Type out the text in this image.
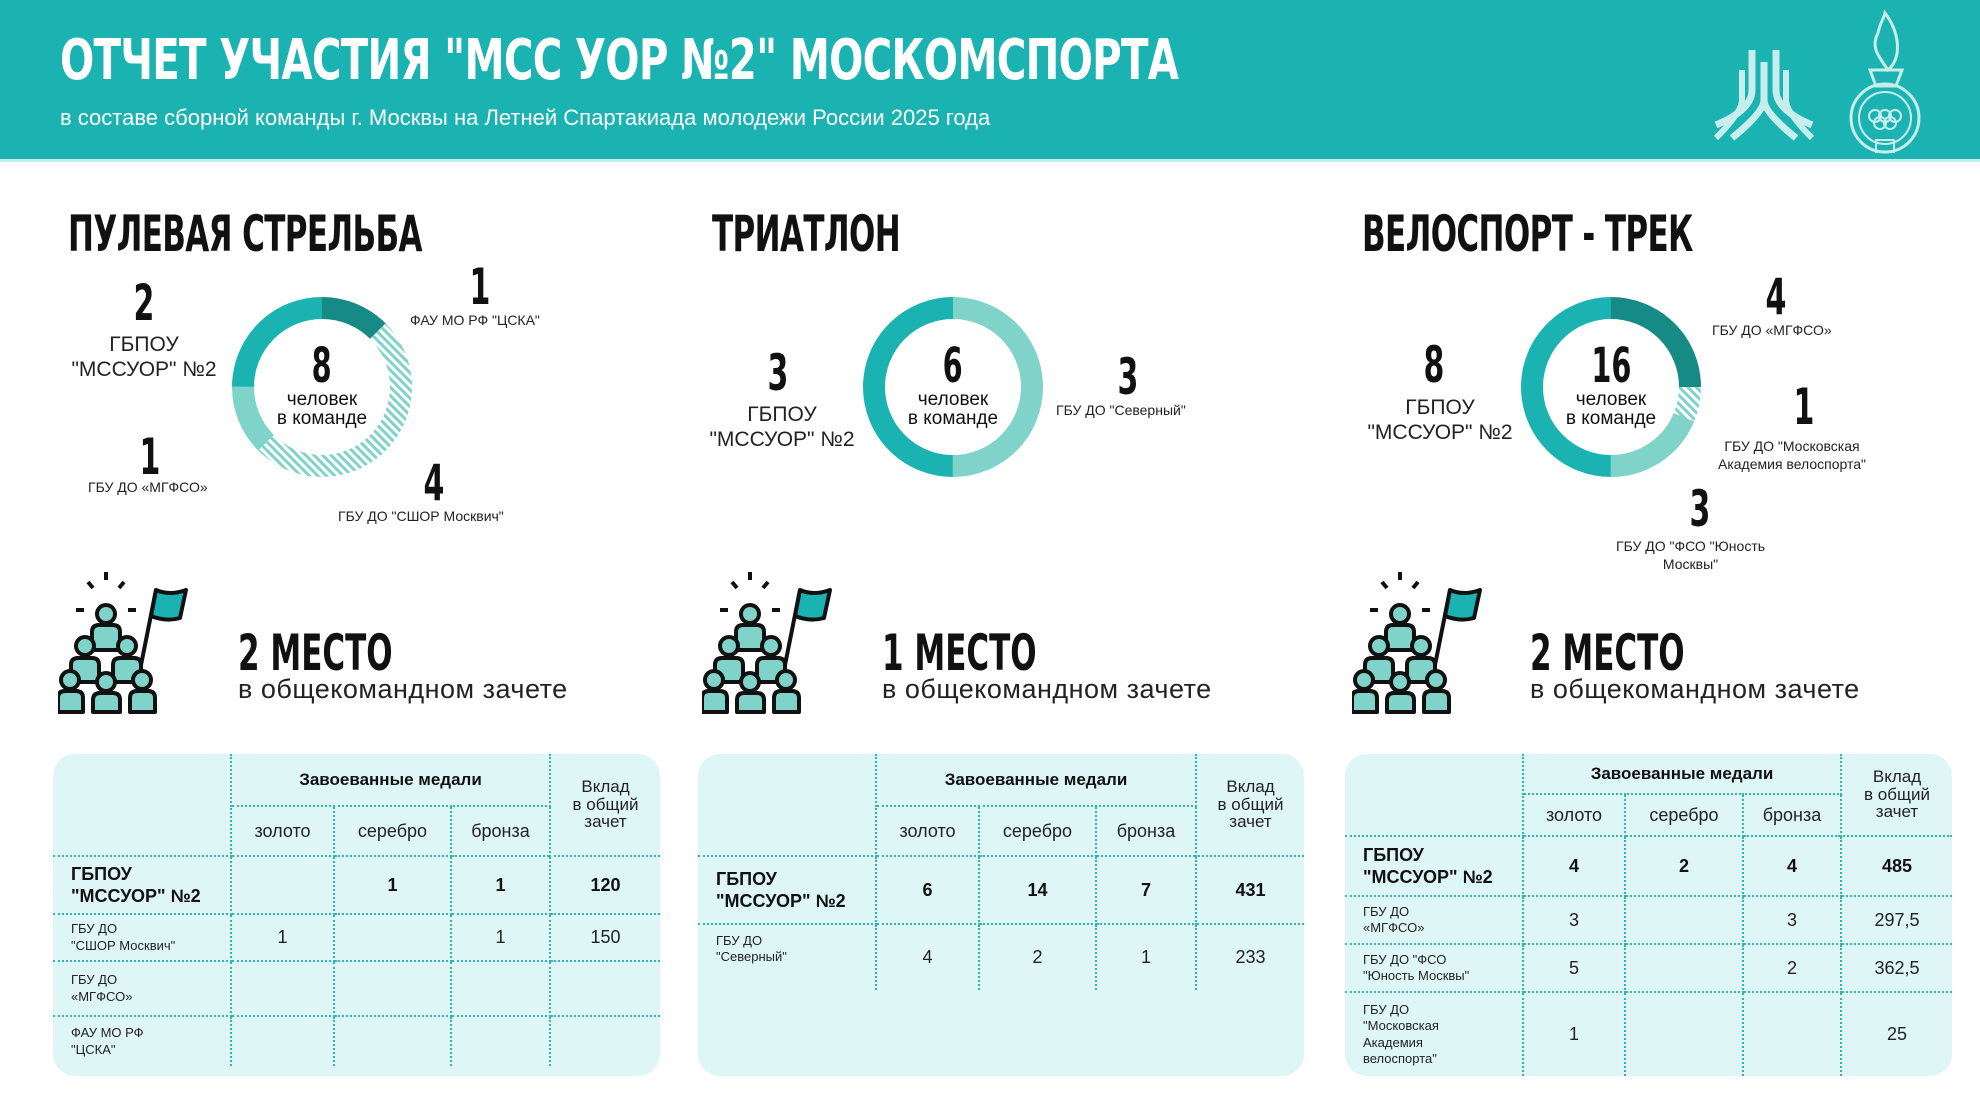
ОТЧЕТ УЧАСТИЯ "МСС УОР №2" МОСКОМСПОРТА
в составе сборной команды г. Москвы на Летней Спартакиада молодежи России 2025 года
ПУЛЕВАЯ СТРЕЛЬБА
2
ГБПОУ
"МССУОР" №2
1
ФАУ МО РФ "ЦСКА"
1
ГБУ ДО «МГФСО»	4
ГБУ ДО "СШОР Москвич"
8
человек
в команде
2 МЕСТО
в общекомандном зачете
	Завоеванные медали			Вклад
в общий
зачет

	золото	серебро	бронза	

ГБПОУ
"МССУОР" №2		1	1	120

ГБУ ДО
"СШОР Москвич"	1		1	150

ГБУ ДО
«МГФСО»				

ФАУ МО РФ
"ЦСКА"				

ТРИАТЛОН
3
ГБПОУ
"МССУОР" №2
3
ГБУ ДО "Северный"
6
человек
в команде
1 МЕСТО
в общекомандном зачете
	Завоеванные медали			Вклад
в общий
зачет

	золото	серебро	бронза	

ГБПОУ
"МССУОР" №2	6	14	7	431

ГБУ ДО
"Северный"	4	2	1	233
ВЕЛОСПОРТ - ТРЕК
8
ГБПОУ
"МССУОР" №2
4
ГБУ ДО «МГФСО»
1
ГБУ ДО "Московская
Академия велоспорта"
3
ГБУ ДО "ФСО "Юность
Москвы"
16
человек
в команде
2 МЕСТО
в общекомандном зачете
	Завоеванные медали			Вклад
в общий
зачет

	золото	серебро	бронза	

ГБПОУ
"МССУОР" №2	4	2	4	485

ГБУ ДО
«МГФСО»	3		3	297,5

ГБУ ДО "ФСО
"Юность Москвы"	5		2	362,5

ГБУ ДО
"Московская
Академия
велоспорта"	1			25
